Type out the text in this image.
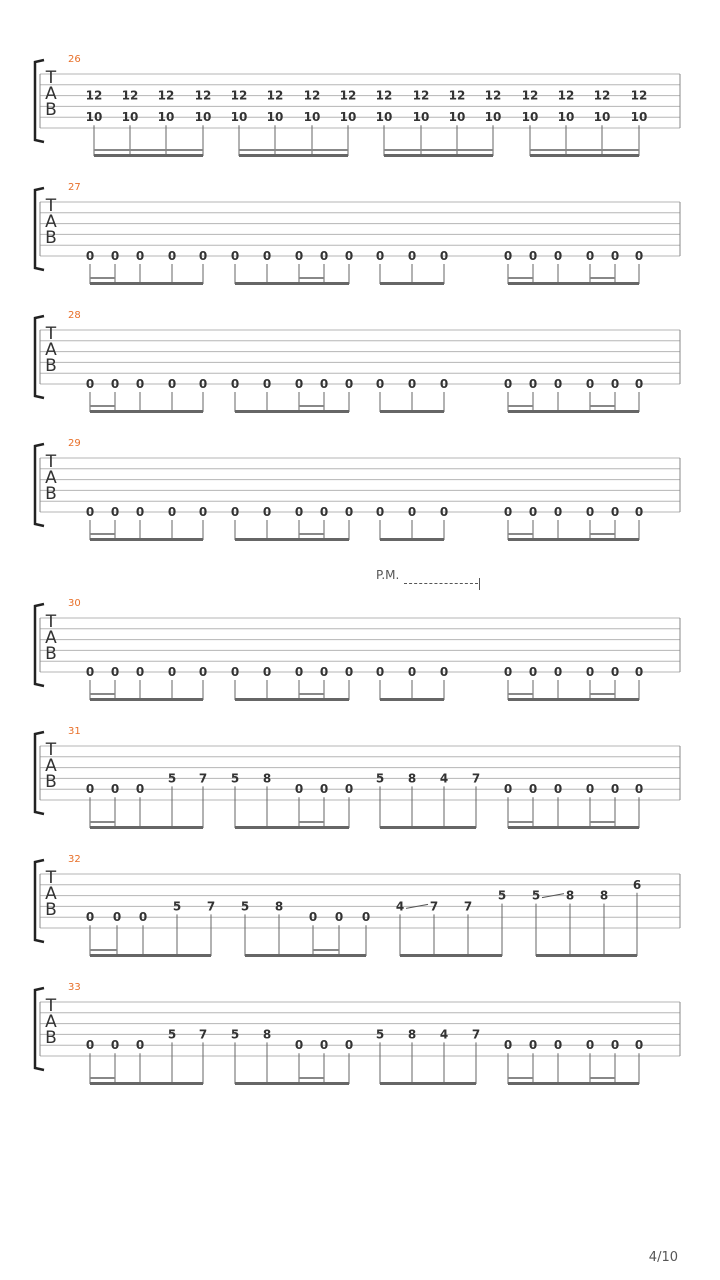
26
T
A
B
12
10
12
10
12
10
12
10
12
10
12
10
12
10
12
10
12
10
12
10
12
10
12
10
12
10
12
10
12
10
12
10
27
T
A
B
0 0 0 0 0 0 0 0 0 0 0 0 0	0 0 0 0 0 0
28
T
A
B
0 0 0 0 0 0 0 0 0 0 0 0 0	0 0 0 0 0 0
29
T
A
B
0 0 0 0 0 0 0 0 0 0 0 0 0	0 0 0 0 0 0
30
T
A
B
0 0 0 0 0 0 0 0 0 0 0 0 0	0 0 0 0 0 0
31
T
A
B 0 0 0
5 7 5 8
0 0 0
5 8 4 7
0 0 0 0 0 0
32
T
A
B 0 0 0
5 7 5 8
0 0 0
4 7 7
5 5 8 8
6
33
T
A
B 0 0 0
5 7 5 8
0 0 0
5 8 4 7
0 0 0 0 0 0
P.M.
4/10
